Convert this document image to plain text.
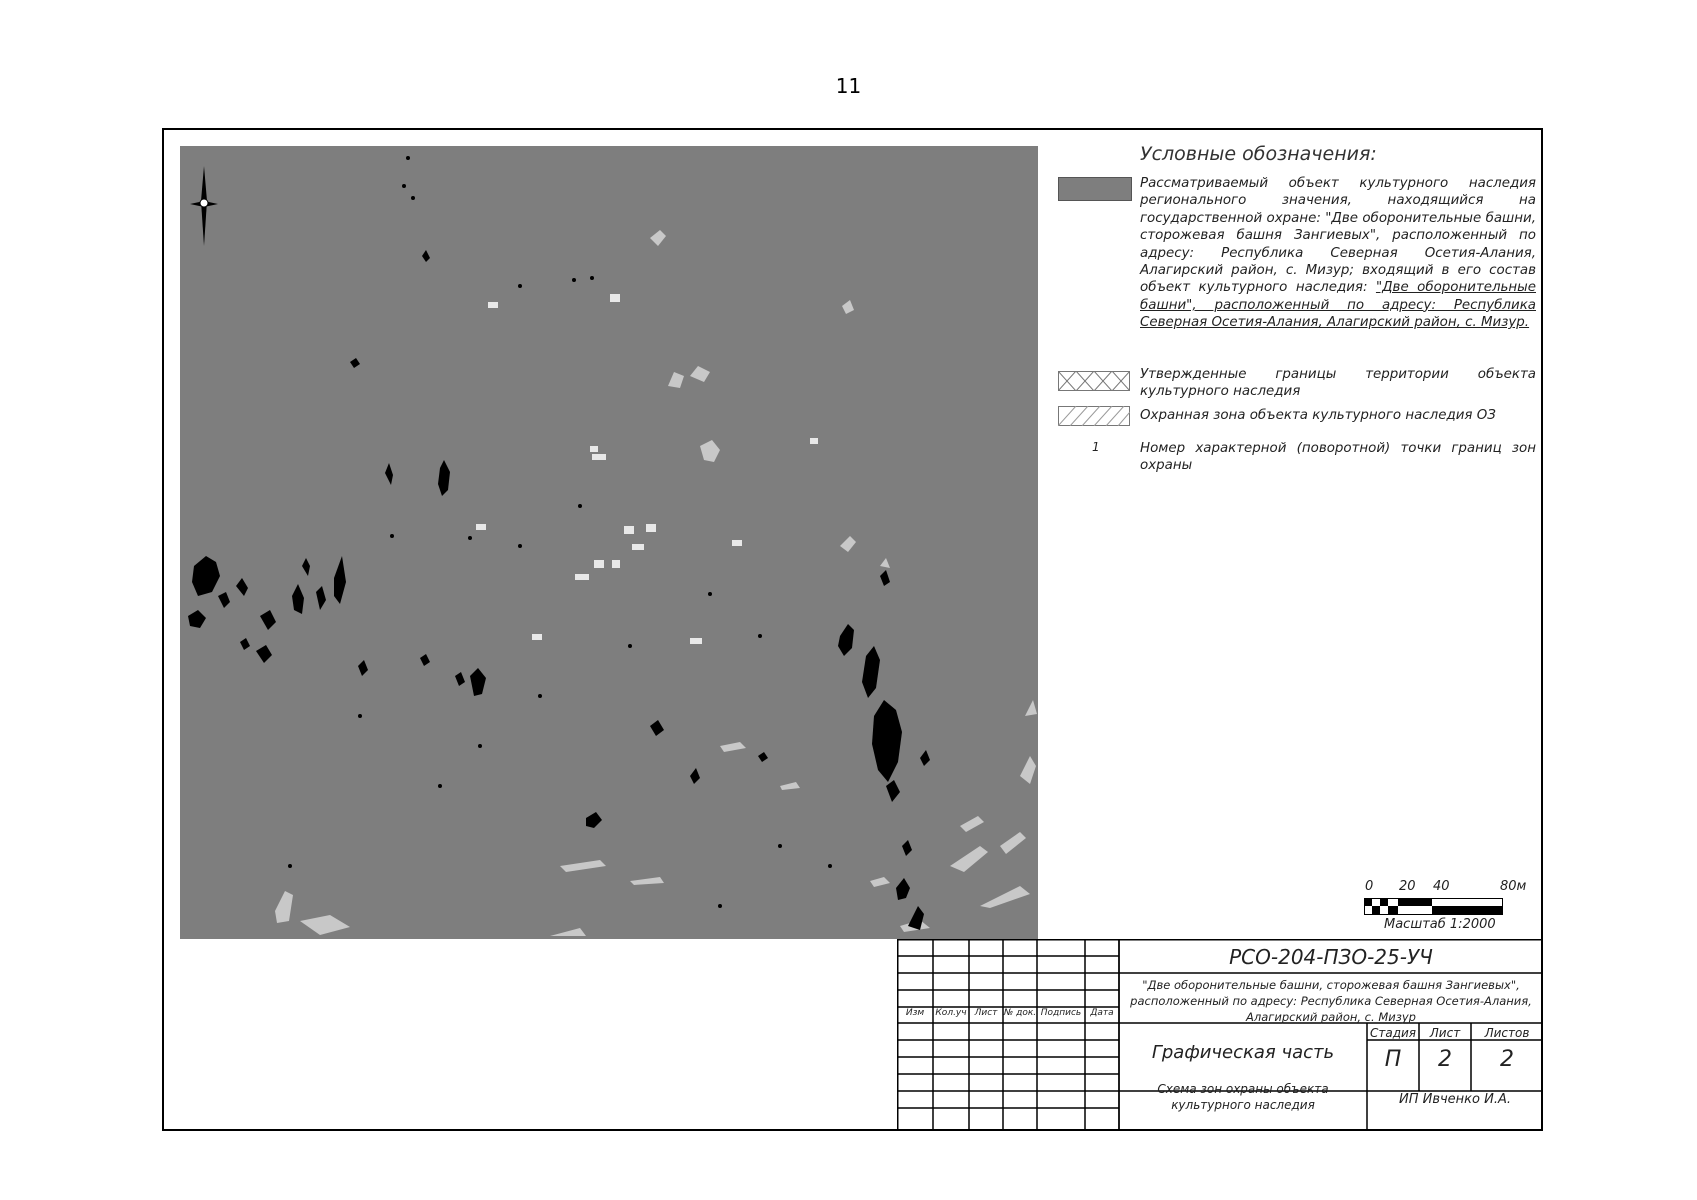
11
Условные обозначения:
Рассматриваемый объект культурного наследия регионального значения, находящийся на государственной охране: "Две оборонительные башни, сторожевая башня Зангиевых", расположенный по адресу: Республика Северная Осетия-Алания, Алагирский район, с. Мизур; входящий в его состав объект культурного наследия: "Две оборонительные башни", расположенный по адресу: Республика Северная Осетия-Алания, Алагирский район, с. Мизур.
Утвержденные границы территории объекта культурного наследия
Охранная зона объекта культурного наследия ОЗ
1	Номер характерной (поворотной) точки границ зон охраны
0 20 40	80м
Масштаб 1:2000
Изм	Кол.уч Лист № док. Подпись	Дата
РСО-204-ПЗО-25-УЧ
"Две оборонительные башни, сторожевая башня Зангиевых", расположенный по адресу: Республика Северная Осетия-Алания, Алагирский район, с. Мизур
Графическая часть
Стадия	Лист	Листов
П	2	2
Схема зон охраны объекта культурного наследия	ИП Ивченко И.А.
